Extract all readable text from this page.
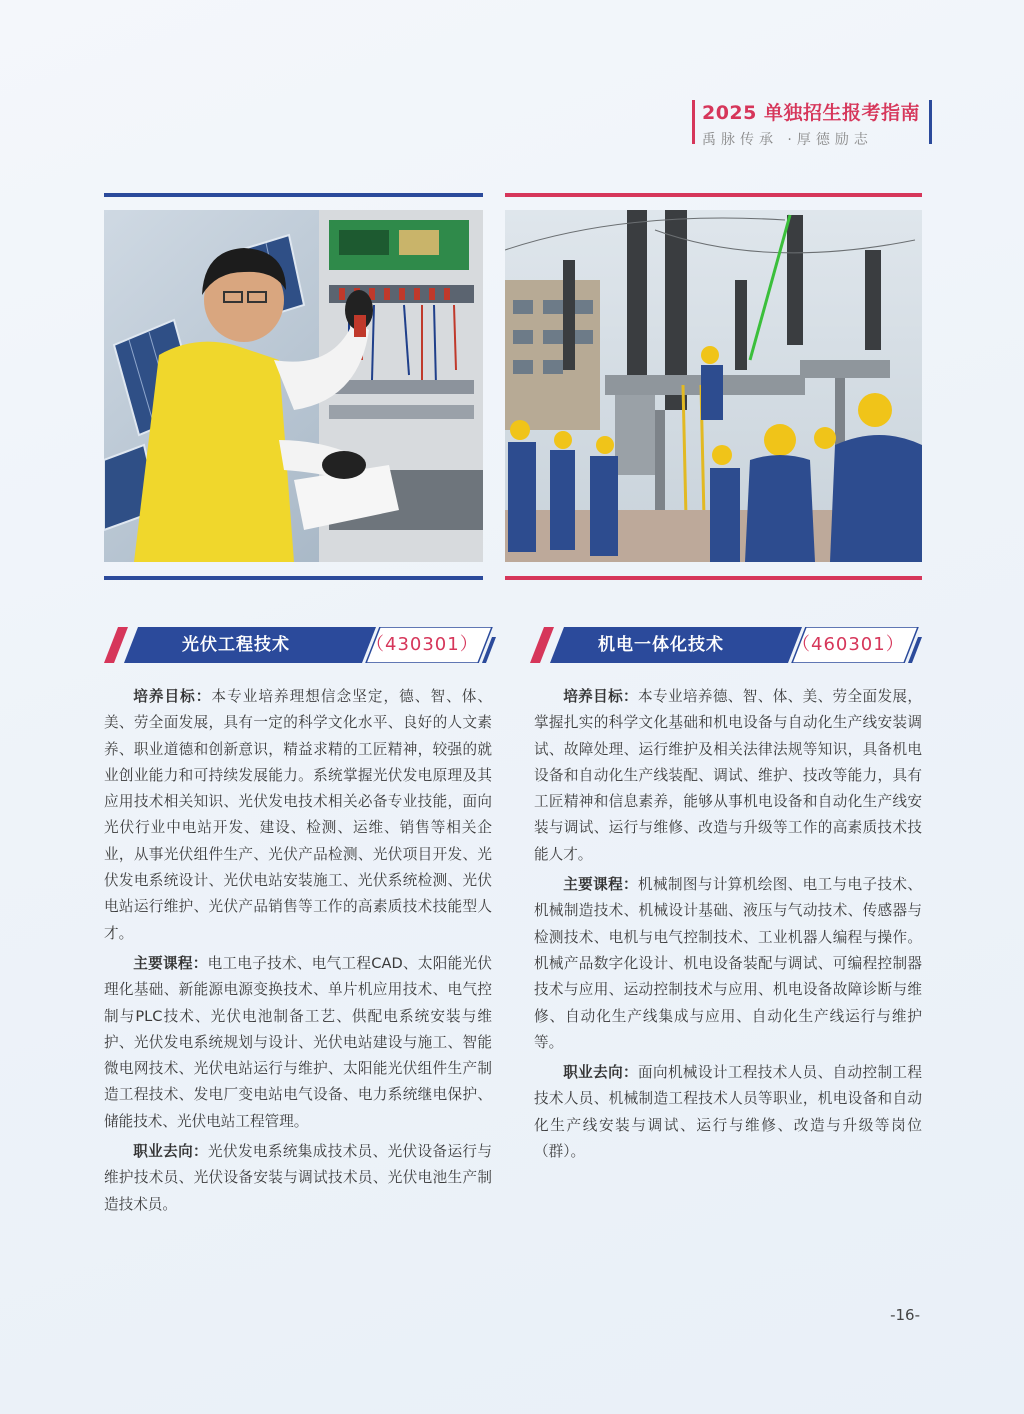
2025 单独招生报考指南
禹脉传承 ·厚德励志
光伏工程技术	（430301）	机电一体化技术	（460301）

培养目标：本专业培养理想信念坚定，德、智、体、美、劳全面发展，具有一定的科学文化水平、良好的人文素养、职业道德和创新意识，精益求精的工匠精神，较强的就业创业能力和可持续发展能力。系统掌握光伏发电原理及其应用技术相关知识、光伏发电技术相关必备专业技能，面向光伏行业中电站开发、建设、检测、运维、销售等相关企业，从事光伏组件生产、光伏产品检测、光伏项目开发、光伏发电系统设计、光伏电站安装施工、光伏系统检测、光伏电站运行维护、光伏产品销售等工作的高素质技术技能型人才。

主要课程：电工电子技术、电气工程CAD、太阳能光伏理化基础、新能源电源变换技术、单片机应用技术、电气控制与PLC技术、光伏电池制备工艺、供配电系统安装与维护、光伏发电系统规划与设计、光伏电站建设与施工、智能微电网技术、光伏电站运行与维护、太阳能光伏组件生产制造工程技术、发电厂变电站电气设备、电力系统继电保护、储能技术、光伏电站工程管理。

职业去向：光伏发电系统集成技术员、光伏设备运行与维护技术员、光伏设备安装与调试技术员、光伏电池生产制造技术员。

培养目标：本专业培养德、智、体、美、劳全面发展，掌握扎实的科学文化基础和机电设备与自动化生产线安装调试、故障处理、运行维护及相关法律法规等知识，具备机电设备和自动化生产线装配、调试、维护、技改等能力，具有工匠精神和信息素养，能够从事机电设备和自动化生产线安装与调试、运行与维修、改造与升级等工作的高素质技术技能人才。

主要课程：机械制图与计算机绘图、电工与电子技术、机械制造技术、机械设计基础、液压与气动技术、传感器与检测技术、电机与电气控制技术、工业机器人编程与操作。机械产品数字化设计、机电设备装配与调试、可编程控制器技术与应用、运动控制技术与应用、机电设备故障诊断与维修、自动化生产线集成与应用、自动化生产线运行与维护等。

职业去向：面向机械设计工程技术人员、自动控制工程技术人员、机械制造工程技术人员等职业，机电设备和自动化生产线安装与调试、运行与维修、改造与升级等岗位（群）。

-16-
